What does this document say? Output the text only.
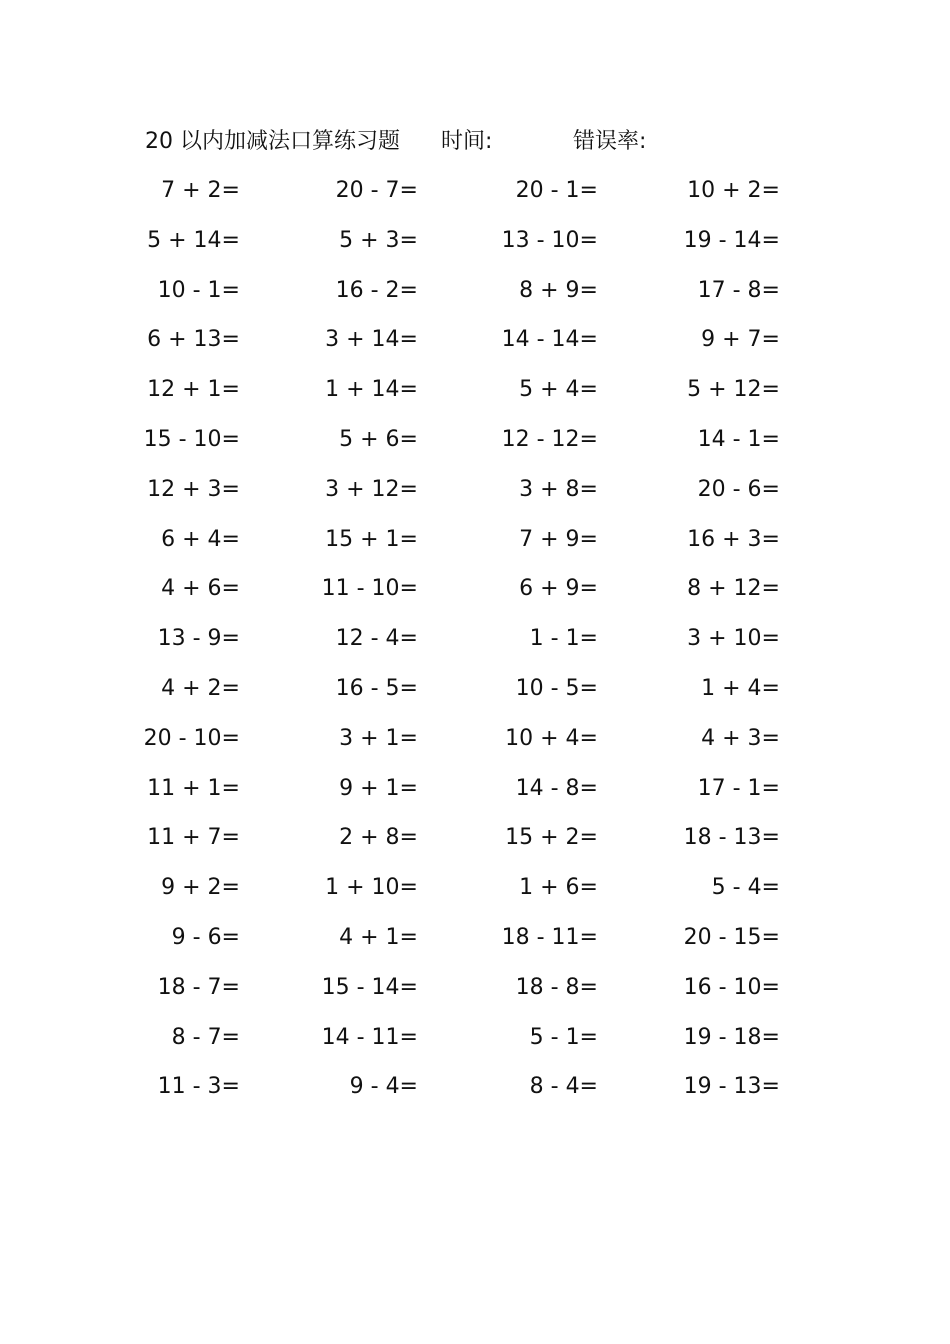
20 以内加减法口算练习题 时间:	错误率:
7 + 2=	20 - 7=	20 - 1=	10 + 2=
5 + 14=	5 + 3=	13 - 10=	19 - 14=
10 - 1=	16 - 2=	8 + 9=	17 - 8=
6 + 13=	3 + 14=	14 - 14=	9 + 7=
12 + 1=	1 + 14=	5 + 4=	5 + 12=
15 - 10=	5 + 6=	12 - 12=	14 - 1=
12 + 3=	3 + 12=	3 + 8=	20 - 6=
6 + 4=	15 + 1=	7 + 9=	16 + 3=
4 + 6=	11 - 10=	6 + 9=	8 + 12=
13 - 9=	12 - 4=	1 - 1=	3 + 10=
4 + 2=	16 - 5=	10 - 5=	1 + 4=
20 - 10=	3 + 1=	10 + 4=	4 + 3=
11 + 1=	9 + 1=	14 - 8=	17 - 1=
11 + 7=	2 + 8=	15 + 2=	18 - 13=
9 + 2=	1 + 10=	1 + 6=	5 - 4=
9 - 6=	4 + 1=	18 - 11=	20 - 15=
18 - 7=	15 - 14=	18 - 8=	16 - 10=
8 - 7=	14 - 11=	5 - 1=	19 - 18=
11 - 3=	9 - 4=	8 - 4=	19 - 13=
